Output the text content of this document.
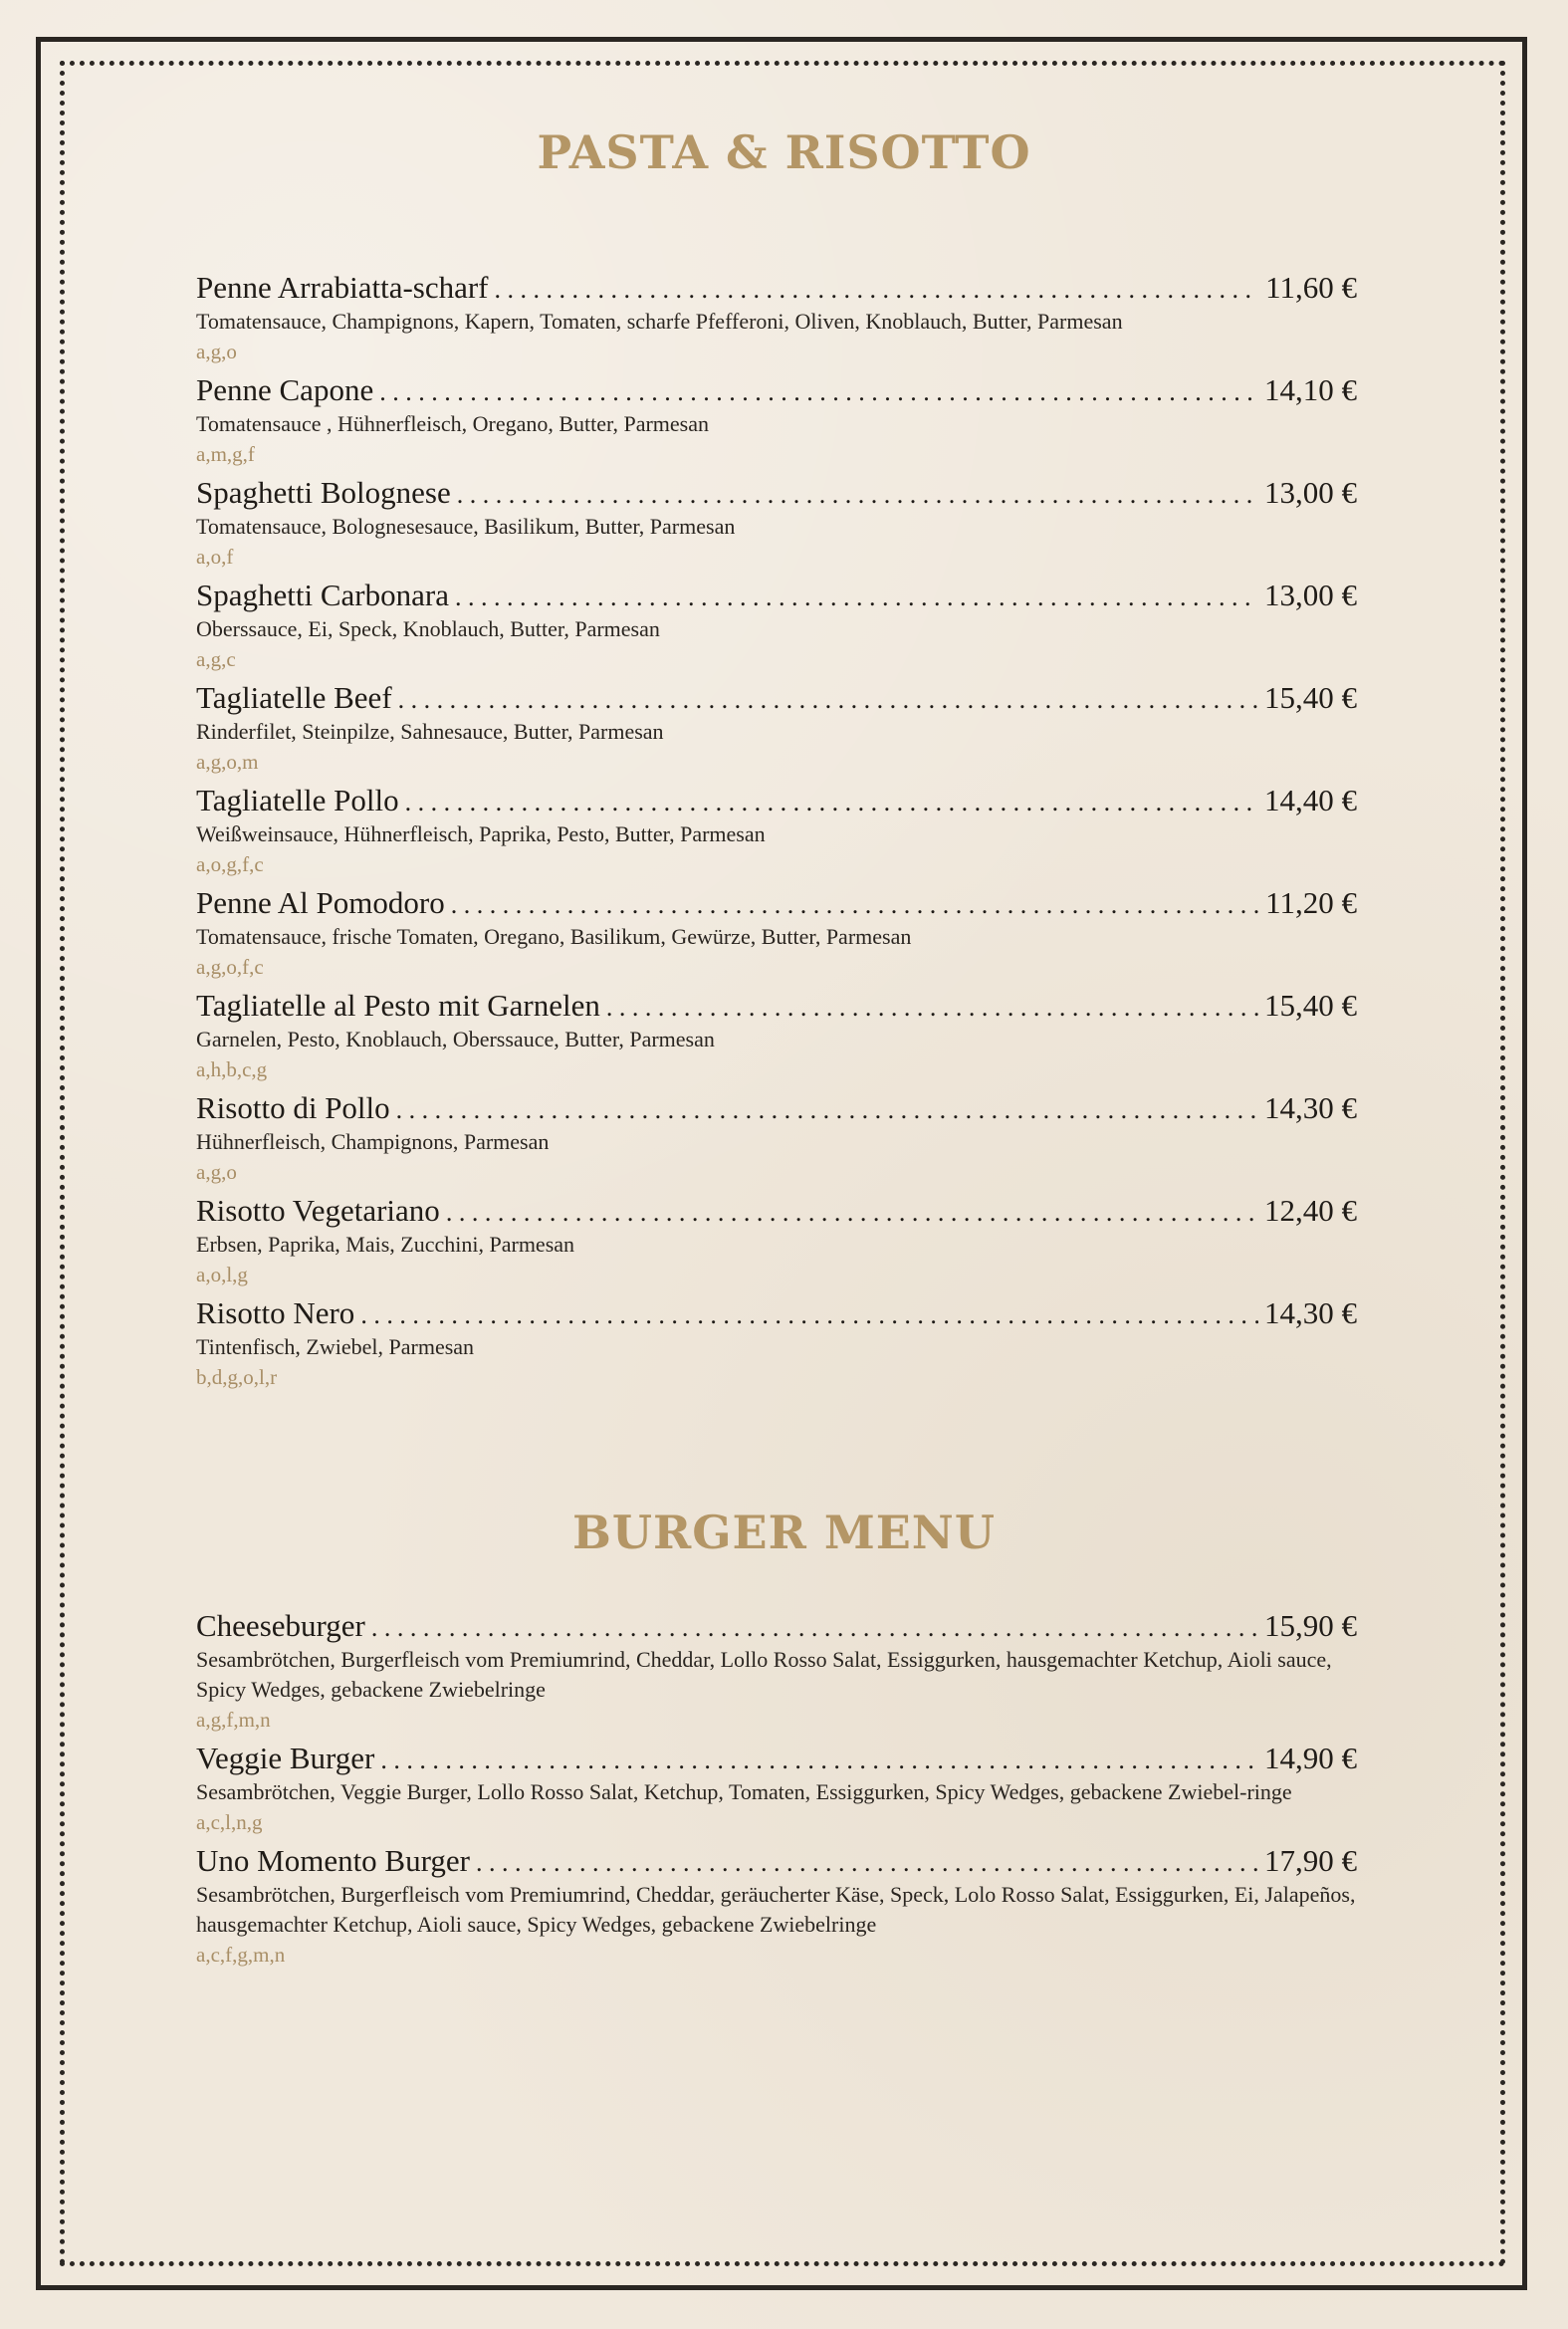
PASTA & RISOTTO
Penne Arrabiatta-scharf . . .	11,60 €
Tomatensauce, Champignons, Kapern, Tomaten, scharfe Pfefferoni, Oliven, Knoblauch, Butter, Parmesan
a,g,o
Penne Capone . . .	14,10 €
Tomatensauce , Hühnerfleisch, Oregano, Butter, Parmesan
a,m,g,f
Spaghetti Bolognese . . .	13,00 €
Tomatensauce, Bolognesesauce, Basilikum, Butter, Parmesan
a,o,f
Spaghetti Carbonara . . .	13,00 €
Oberssauce, Ei, Speck, Knoblauch, Butter, Parmesan
a,g,c
Tagliatelle Beef . . .	15,40 €
Rinderfilet, Steinpilze, Sahnesauce, Butter, Parmesan
a,g,o,m
Tagliatelle Pollo . . .	14,40 €
Weißweinsauce, Hühnerfleisch, Paprika, Pesto, Butter, Parmesan
a,o,g,f,c
Penne Al Pomodoro . . .	11,20 €
Tomatensauce, frische Tomaten, Oregano, Basilikum, Gewürze, Butter, Parmesan
a,g,o,f,c
Tagliatelle al Pesto mit Garnelen . . .	15,40 €
Garnelen, Pesto, Knoblauch, Oberssauce, Butter, Parmesan
a,h,b,c,g
Risotto di Pollo . . .	14,30 €
Hühnerfleisch, Champignons, Parmesan
a,g,o
Risotto Vegetariano . . .	12,40 €
Erbsen, Paprika, Mais, Zucchini, Parmesan
a,o,l,g
Risotto Nero . . .	14,30 €
Tintenfisch, Zwiebel, Parmesan
b,d,g,o,l,r
BURGER MENU
Cheeseburger . . .	15,90 €
Sesambrötchen, Burgerfleisch vom Premiumrind, Cheddar, Lollo Rosso Salat, Essiggurken, hausgemachter Ketchup, Aioli sauce, Spicy Wedges, gebackene Zwiebelringe
a,g,f,m,n
Veggie Burger . . .	14,90 €
Sesambrötchen, Veggie Burger, Lollo Rosso Salat, Ketchup, Tomaten, Essiggurken, Spicy Wedges, gebackene Zwiebel-ringe
a,c,l,n,g
Uno Momento Burger . . .	17,90 €
Sesambrötchen, Burgerfleisch vom Premiumrind, Cheddar, geräucherter Käse, Speck, Lolo Rosso Salat, Essiggurken, Ei, Jalapeños, hausgemachter Ketchup, Aioli sauce, Spicy Wedges, gebackene Zwiebelringe
a,c,f,g,m,n
